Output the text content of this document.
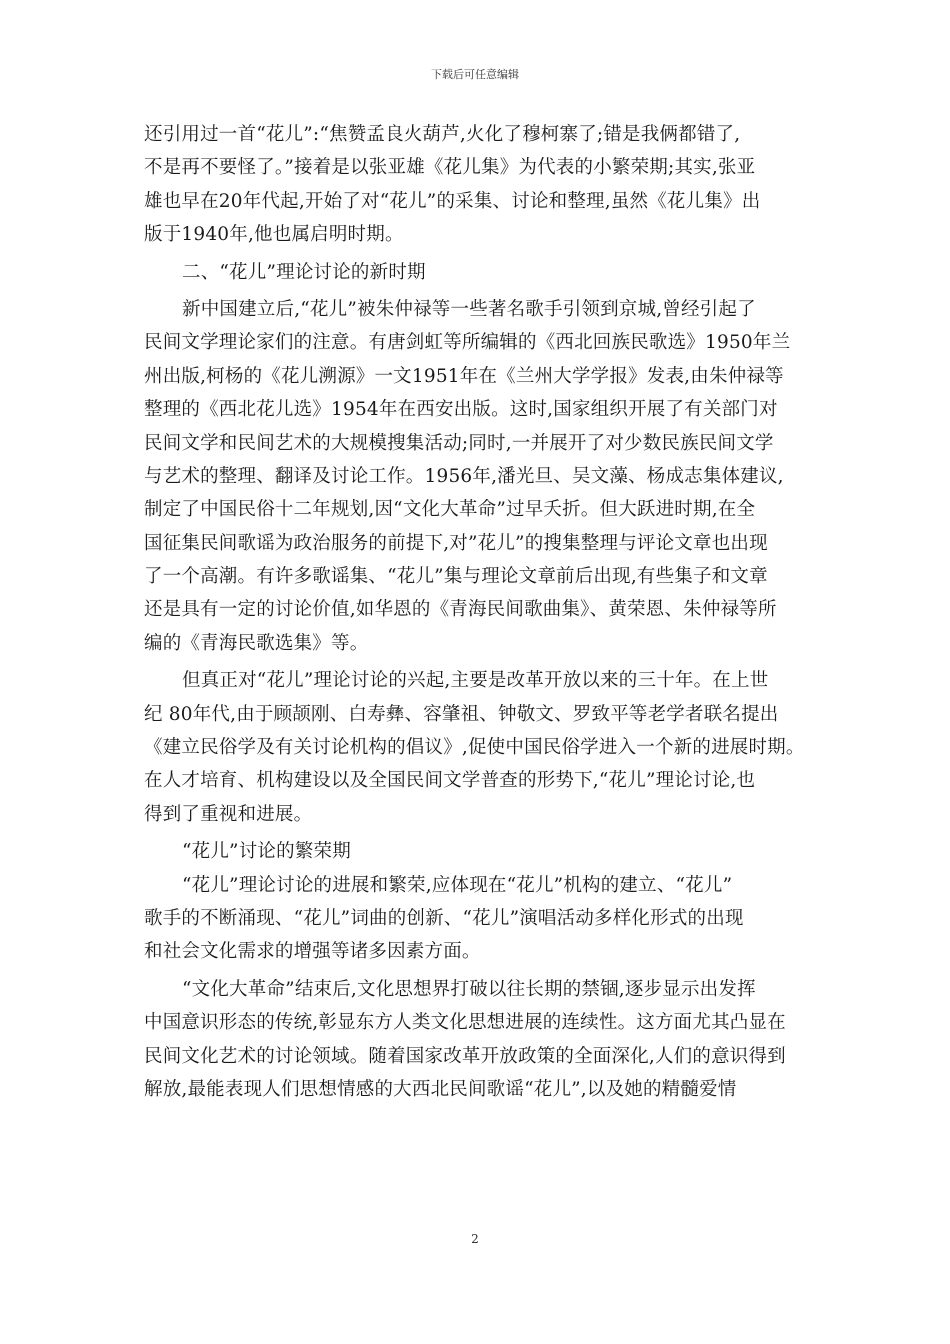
下载后可任意编辑
还引用过一首“花儿”:“焦赞孟良火葫芦,火化了穆柯寨了;错是我俩都错了,
不是再不要怪了。”接着是以张亚雄《花儿集》为代表的小繁荣期;其实,张亚
雄也早在20年代起,开始了对“花儿”的采集、讨论和整理,虽然《花儿集》出
版于1940年,他也属启明时期。
二、“花儿”理论讨论的新时期
新中国建立后,“花儿”被朱仲禄等一些著名歌手引领到京城,曾经引起了
民间文学理论家们的注意。有唐剑虹等所编辑的《西北回族民歌选》1950年兰
州出版,柯杨的《花儿溯源》一文1951年在《兰州大学学报》发表,由朱仲禄等
整理的《西北花儿选》1954年在西安出版。这时,国家组织开展了有关部门对
民间文学和民间艺术的大规模搜集活动;同时,一并展开了对少数民族民间文学
与艺术的整理、翻译及讨论工作。1956年,潘光旦、吴文藻、杨成志集体建议,
制定了中国民俗十二年规划,因“文化大革命”过早夭折。但大跃进时期,在全
国征集民间歌谣为政治服务的前提下,对”花儿”的搜集整理与评论文章也出现
了一个高潮。有许多歌谣集、“花儿”集与理论文章前后出现,有些集子和文章
还是具有一定的讨论价值,如华恩的《青海民间歌曲集》、黄荣恩、朱仲禄等所
编的《青海民歌选集》等。
但真正对“花儿”理论讨论的兴起,主要是改革开放以来的三十年。在上世
纪 80年代,由于顾颉刚、白寿彝、容肇祖、钟敬文、罗致平等老学者联名提出
《建立民俗学及有关讨论机构的倡议》,促使中国民俗学进入一个新的进展时期。
在人才培育、机构建设以及全国民间文学普查的形势下,“花儿”理论讨论,也
得到了重视和进展。
“花儿”讨论的繁荣期
“花儿”理论讨论的进展和繁荣,应体现在“花儿”机构的建立、“花儿”
歌手的不断涌现、“花儿”词曲的创新、“花儿”演唱活动多样化形式的出现
和社会文化需求的增强等诸多因素方面。
“文化大革命”结束后,文化思想界打破以往长期的禁锢,逐步显示出发挥
中国意识形态的传统,彰显东方人类文化思想进展的连续性。这方面尤其凸显在
民间文化艺术的讨论领域。随着国家改革开放政策的全面深化,人们的意识得到
解放,最能表现人们思想情感的大西北民间歌谣“花儿”,以及她的精髓爱情
2
